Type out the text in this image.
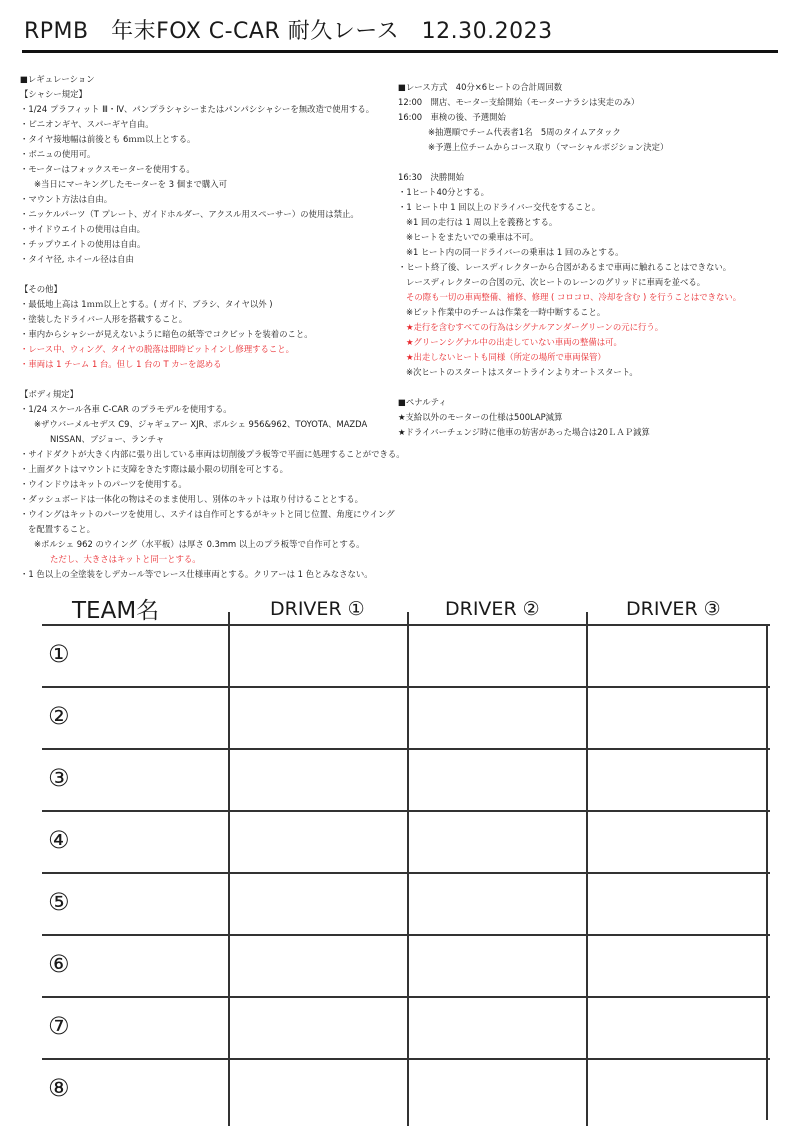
RPMB　年末FOX C-CAR 耐久レース　12.30.2023
■レギュレーション
【シャシー規定】
・1/24 プラフィット Ⅲ・Ⅳ、パンプラシャシーまたはパンパシシャシーを無改造で使用する。
・ピニオンギヤ、スパーギヤ自由。
・タイヤ接地幅は前後とも 6ｍｍ以上とする。
・ボニュの使用可。
・モーターはフォックスモーターを使用する。
※当日にマーキングしたモーターを 3 個まで購入可
・マウント方法は自由。
・ニッケルパーツ（T プレート、ガイドホルダー、アクスル用スペーサー）の使用は禁止。
・サイドウエイトの使用は自由。
・チップウエイトの使用は自由。
・タイヤ径, ホイール径は自由
【その他】
・最低地上高は 1ｍｍ以上とする。( ガイド、ブラシ、タイヤ以外 )
・塗装したドライバー人形を搭載すること。
・車内からシャシーが見えないように暗色の紙等でコクピットを装着のこと。
・レース中、ウィング、タイヤの脱落は即時ピットインし修理すること。
・車両は 1 チーム 1 台。但し 1 台の T カーを認める
【ボディ規定】
・1/24 スケール各車 C-CAR のプラモデルを使用する。
※ザウバーメルセデス C9、ジャギュアー XJR、ポルシェ 956&962、TOYOTA、MAZDA
NISSAN、ブジョー、ランチャ
・サイドダクトが大きく内部に張り出している車両は切削後プラ板等で平面に処理することができる。
・上面ダクトはマウントに支障をきたす際は最小限の切削を可とする。
・ウインドウはキットのパーツを使用する。
・ダッシュボードは一体化の物はそのまま使用し、別体のキットは取り付けることとする。
・ウイングはキットのパーツを使用し、ステイは自作可とするがキットと同じ位置、角度にウイング
を配置すること。
※ポルシェ 962 のウイング（水平板）は厚さ 0.3mm 以上のプラ板等で自作可とする。
ただし、大きさはキットと同一とする。
・1 色以上の全塗装をしデカール等でレース仕様車両とする。クリアーは 1 色とみなさない。
■レース方式　40分×6ヒートの合計周回数
12:00　開店、モーター支給開始（モーターナラシは実走のみ）
16:00　車検の後、予選開始
※抽選順でチーム代表者1名　5周のタイムアタック
※予選上位チームからコース取り（マーシャルポジション決定）
16:30　決勝開始
・1ヒート40分とする。
・1 ヒート中 1 回以上のドライバー交代をすること。
※1 回の走行は 1 周以上を義務とする。
※ヒートをまたいでの乗車は不可。
※1 ヒート内の同一ドライバーの乗車は 1 回のみとする。
・ヒート終了後、レースディレクターから合図があるまで車両に触れることはできない。
レースディレクターの合図の元、次ヒートのレーンのグリッドに車両を並べる。
その際も一切の車両整備、補修、修理 ( コロコロ、冷却を含む ) を行うことはできない。
※ピット作業中のチームは作業を一時中断すること。
★走行を含むすべての行為はシグナルアンダーグリーンの元に行う。
★グリーンシグナル中の出走していない車両の整備は可。
★出走しないヒートも同様（所定の場所で車両保管）
※次ヒートのスタートはスタートラインよりオートスタート。
■ペナルティ
★支給以外のモーターの仕様は500LAP減算
★ドライバーチェンジ時に他車の妨害があった場合は20ＬＡＰ減算
TEAM名	DRIVER ①	DRIVER ②	DRIVER ③
①
②
③
④
⑤
⑥
⑦
⑧
